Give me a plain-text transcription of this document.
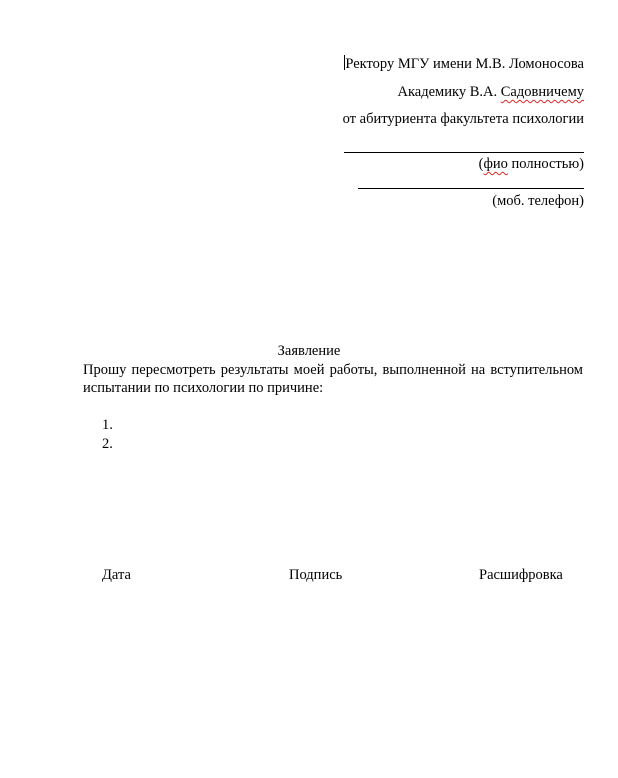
Ректору МГУ имени М.В. Ломоносова
Академику В.А. Садовничему
от абитуриента факультета психологии
(фио полностью)
(моб. телефон)
Заявление
Прошу пересмотреть результаты моей работы, выполненной на вступительном испытании по психологии по причине:
1.
2.
Дата	Подпись	Расшифровка
